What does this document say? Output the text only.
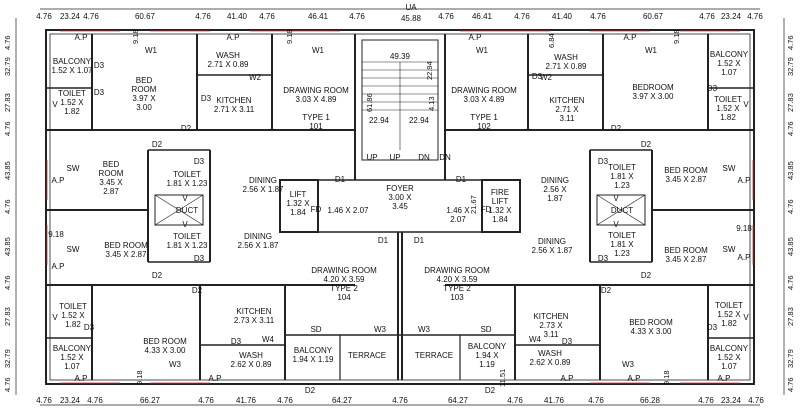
4.76 23.24 4.76	60.67	4.76 41.40 4.76	46.41	4.76	45.88 4.76 46.41	4.76	41.40 4.76	60.67	4.76 23.24 4.76
UA
4.76 23.24 4.76	66.27	4.76	41.76	4.76	64.27	4.76	64.27	4.76	41.76	4.76	66.28	4.76 23.24 4.76
4.76
32.79
27.83
4.76
43.85
4.76
43.85
4.76
27.83
32.79
4.76
4.76
32.79
27.83
4.76
43.85
4.76
43.85
4.76
27.83
32.79
4.76
BALCONY
1.52 X 1.07
BED
ROOM
3.97 X
3.00
TOILET
1.52 X
1.82
WASH
2.71 X 0.89
KITCHEN
2.71 X 3.11
DRAWING ROOM
3.03 X 4.89
TYPE 1
101
DRAWING ROOM
3.03 X 4.89
TYPE 1
102
WASH
2.71 X 0.89
KITCHEN
2.71 X
3.11
BEDROOM
3.97 X 3.00
BALCONY
1.52 X
1.07
TOILET
1.52 X
1.82
BED
ROOM
3.45 X
2.87
TOILET
1.81 X 1.23	DINING
2.56 X 1.87
LIFT
1.32 X
1.84
FOYER
3.00 X
3.45
FIRE
LIFT
1.32 X
1.84
DINING
2.56 X
1.87
TOILET
1.81 X
1.23
BED ROOM
3.45 X 2.87
BED ROOM
3.45 X 2.87
TOILET
1.81 X 1.23
DINING
2.56 X 1.87
TOILET
1.81 X
1.23
DINING
2.56 X 1.87	BED ROOM
3.45 X 2.87
DRAWING ROOM
4.20 X 3.59
TYPE 2
104
DRAWING ROOM
4.20 X 3.59
TYPE 2
103
TOILET
1.52 X
1.82
BALCONY
1.52 X
1.07
BED ROOM
4.33 X 3.00
KITCHEN
2.73 X 3.11
WASH
2.62 X 0.89
BALCONY
1.94 X 1.19 TERRACE	TERRACE
BALCONY
1.94 X
1.19
KITCHEN
2.73 X
3.11
WASH
2.62 X 0.89
BED ROOM
4.33 X 3.00
TOILET
1.52 X
1.82
BALCONY
1.52 X
1.07
49.39
61.86
22.94
4.13
22.94 22.94
UP UP DN DN
1.46 X 2.07	1.46 X
2.07
21.67
DUCT	DUCT
A.P	A.P	A.P	A.P
A.P	A.P	A.P	A.P	A.P
A.P
A.P
A.P
A.P
SW
SW
SW
SW
V
V
V
V
V
V
V
V
FD	FD
SD	SD
D1	D1
D1	D1
D2
D2
D2
D2
D2
D2
D2
D2
D2	D2
D3
D3
D3
D3
D3
D3
D3
D3
D3
D3
D3
D3
D3
W1	W1	W1	W1
W2	W2
W3
W3	W3
W3
W4	W4
9.18	9.18	6.84	9.18
9.18	9.18
11.51
9.18
9.18
